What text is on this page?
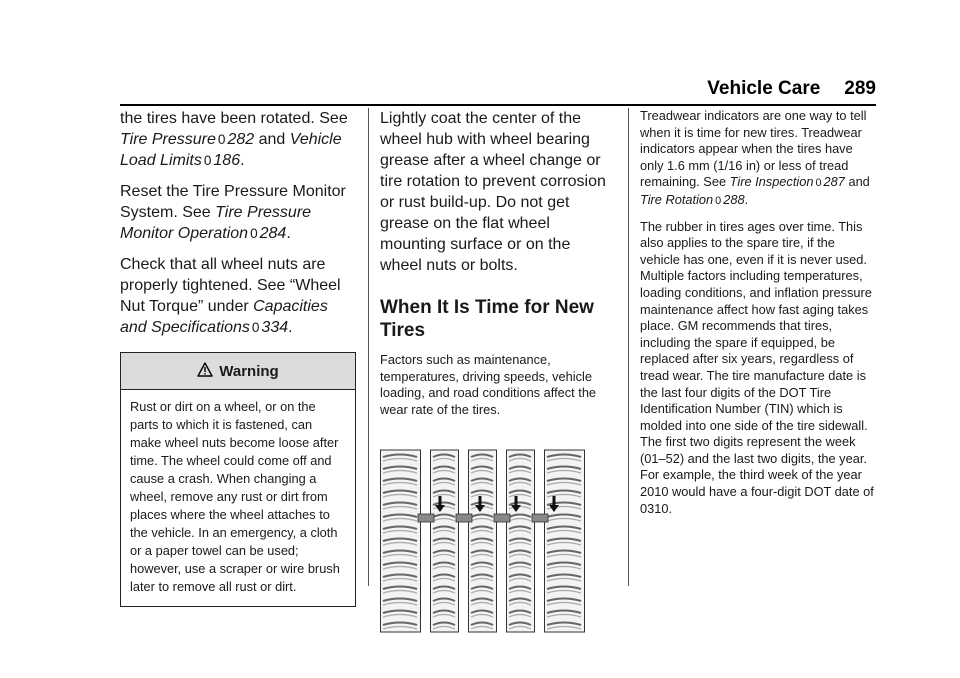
Vehicle Care 289

the tires have been rotated. See Tire Pressure 0 282 and Vehicle Load Limits 0 186.

Reset the Tire Pressure Monitor System. See Tire Pressure Monitor Operation 0 284.

Check that all wheel nuts are properly tightened. See “Wheel Nut Torque” under Capacities and Specifications 0 334.

Warning
Rust or dirt on a wheel, or on the parts to which it is fastened, can make wheel nuts become loose after time. The wheel could come off and cause a crash. When changing a wheel, remove any rust or dirt from places where the wheel attaches to the vehicle. In an emergency, a cloth or a paper towel can be used; however, use a scraper or wire brush later to remove all rust or dirt.

Lightly coat the center of the wheel hub with wheel bearing grease after a wheel change or tire rotation to prevent corrosion or rust build-up. Do not get grease on the flat wheel mounting surface or on the wheel nuts or bolts.

When It Is Time for New Tires

Factors such as maintenance, temperatures, driving speeds, vehicle loading, and road conditions affect the wear rate of the tires.

Treadwear indicators are one way to tell when it is time for new tires. Treadwear indicators appear when the tires have only 1.6 mm (1/16 in) or less of tread remaining. See Tire Inspection 0 287 and Tire Rotation 0 288.

The rubber in tires ages over time. This also applies to the spare tire, if the vehicle has one, even if it is never used. Multiple factors including temperatures, loading conditions, and inflation pressure maintenance affect how fast aging takes place. GM recommends that tires, including the spare if equipped, be replaced after six years, regardless of tread wear. The tire manufacture date is the last four digits of the DOT Tire Identification Number (TIN) which is molded into one side of the tire sidewall. The first two digits represent the week (01–52) and the last two digits, the year. For example, the third week of the year 2010 would have a four-digit DOT date of 0310.
